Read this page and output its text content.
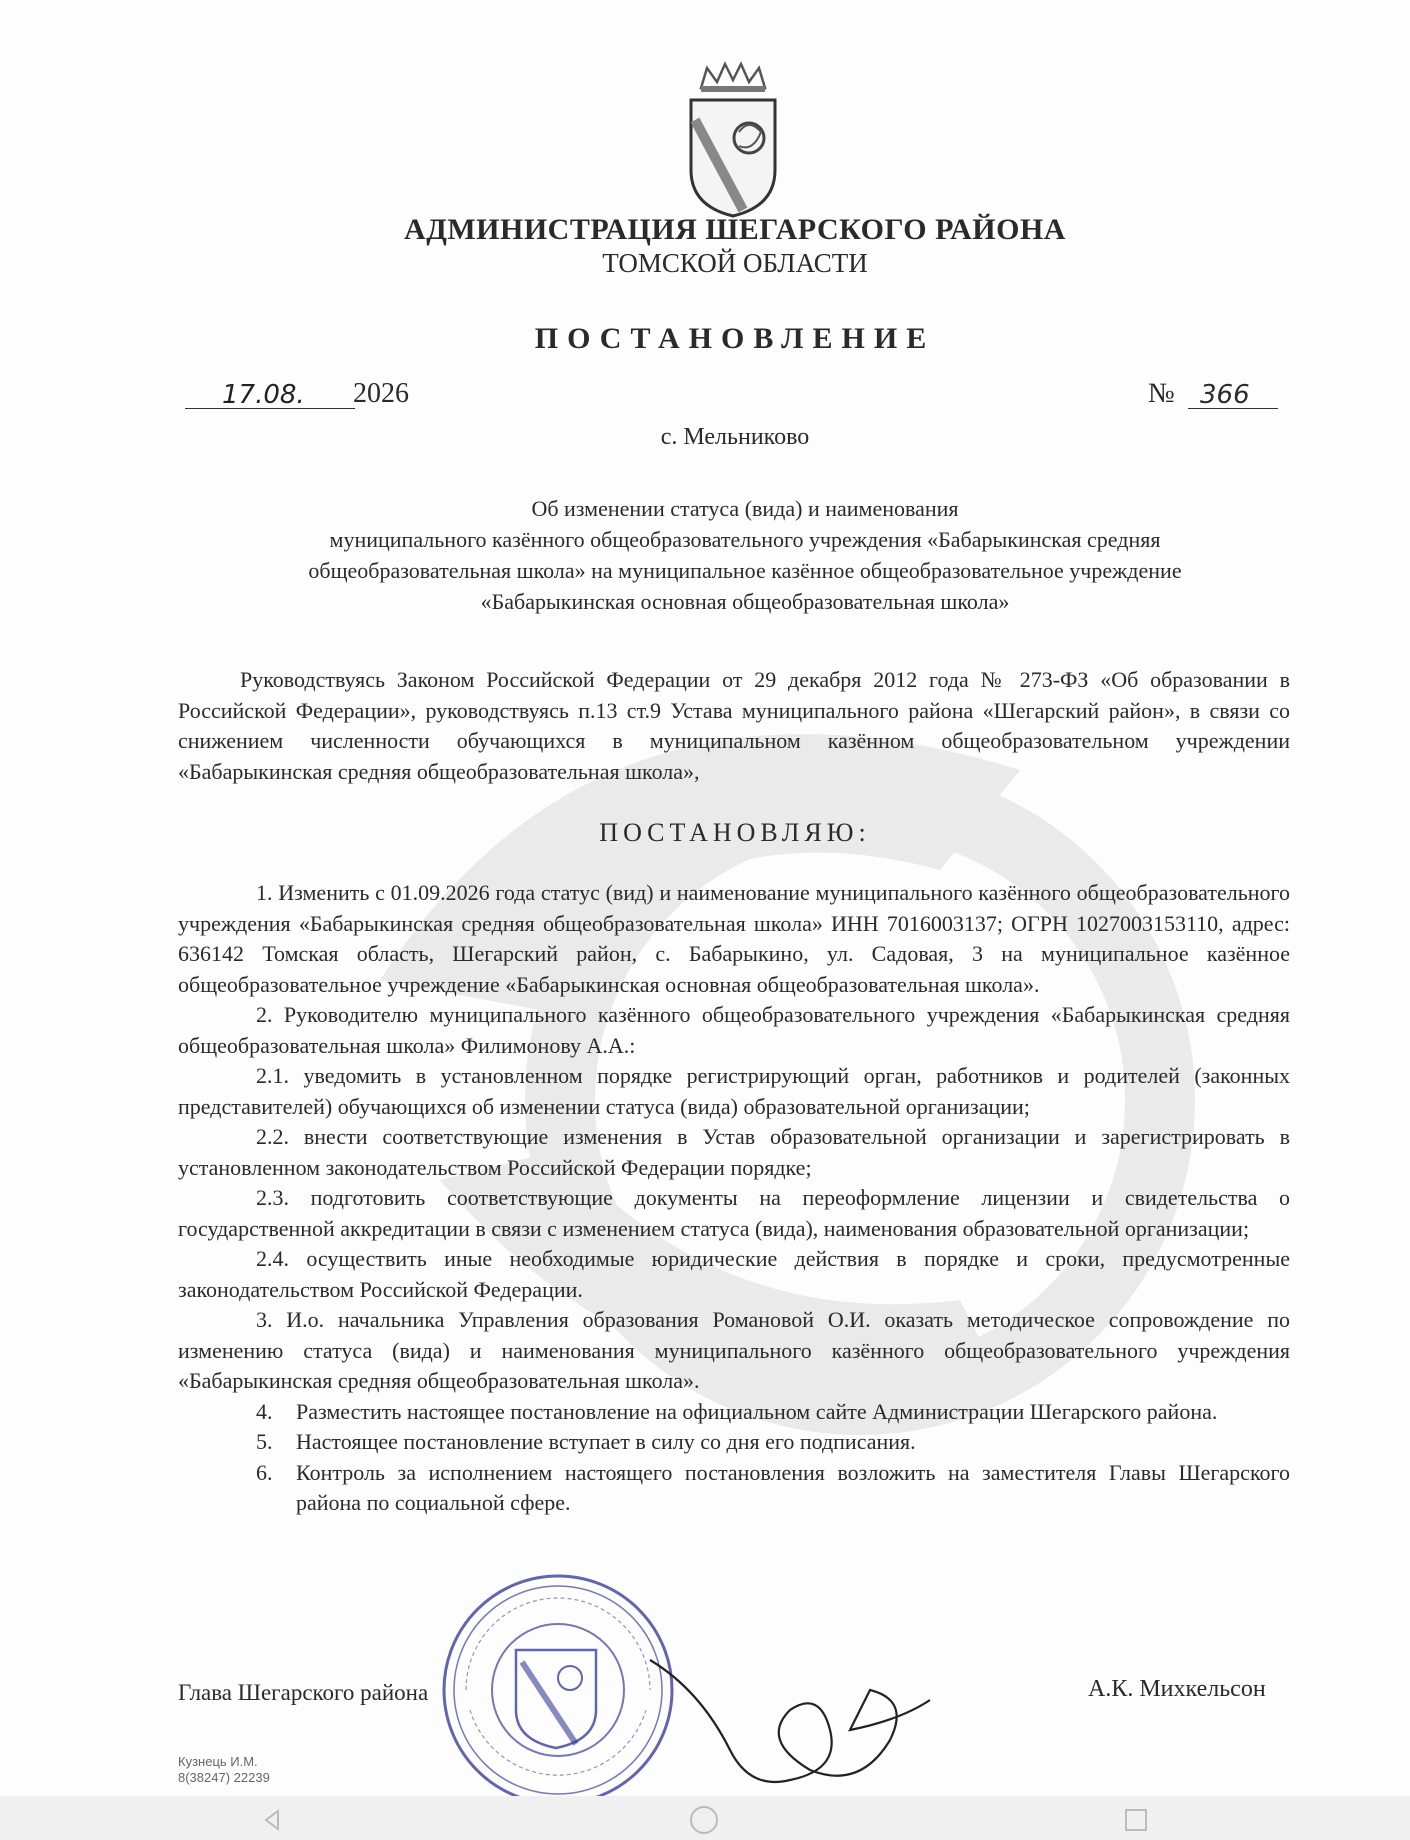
АДМИНИСТРАЦИЯ ШЕГАРСКОГО РАЙОНА
ТОМСКОЙ ОБЛАСТИ
ПОСТАНОВЛЕНИЕ
17.08. 2026	№ 366
с. Мельниково
Об изменении статуса (вида) и наименования
муниципального казённого общеобразовательного учреждения «Бабарыкинская средняя
общеобразовательная школа» на муниципальное казённое общеобразовательное учреждение
«Бабарыкинская основная общеобразовательная школа»
Руководствуясь Законом Российской Федерации от 29 декабря 2012 года № 273-ФЗ «Об образовании в Российской Федерации», руководствуясь п.13 ст.9 Устава муниципального района «Шегарский район», в связи со снижением численности обучающихся в муниципальном казённом общеобразовательном учреждении «Бабарыкинская средняя общеобразовательная школа»,
ПОСТАНОВЛЯЮ:

1. Изменить с 01.09.2026 года статус (вид) и наименование муниципального казённого общеобразовательного учреждения «Бабарыкинская средняя общеобразовательная школа» ИНН 7016003137; ОГРН 1027003153110, адрес: 636142 Томская область, Шегарский район, с. Бабарыкино, ул. Садовая, 3 на муниципальное казённое общеобразовательное учреждение «Бабарыкинская основная общеобразовательная школа».

2. Руководителю муниципального казённого общеобразовательного учреждения «Бабарыкинская средняя общеобразовательная школа» Филимонову А.А.:

2.1. уведомить в установленном порядке регистрирующий орган, работников и родителей (законных представителей) обучающихся об изменении статуса (вида) образовательной организации;

2.2. внести соответствующие изменения в Устав образовательной организации и зарегистрировать в установленном законодательством Российской Федерации порядке;

2.3. подготовить соответствующие документы на переоформление лицензии и свидетельства о государственной аккредитации в связи с изменением статуса (вида), наименования образовательной организации;

2.4. осуществить иные необходимые юридические действия в порядке и сроки, предусмотренные законодательством Российской Федерации.

3. И.о. начальника Управления образования Романовой О.И. оказать методическое сопровождение по изменению статуса (вида) и наименования муниципального казённого общеобразовательного учреждения «Бабарыкинская средняя общеобразовательная школа».

4. Разместить настоящее постановление на официальном сайте Администрации Шегарского района.

5. Настоящее постановление вступает в силу со дня его подписания.

6. Контроль за исполнением настоящего постановления возложить на заместителя Главы Шегарского района по социальной сфере.

Глава Шегарского района	А.К. Михкельсон
Кузнець И.М.
8(38247) 22239
